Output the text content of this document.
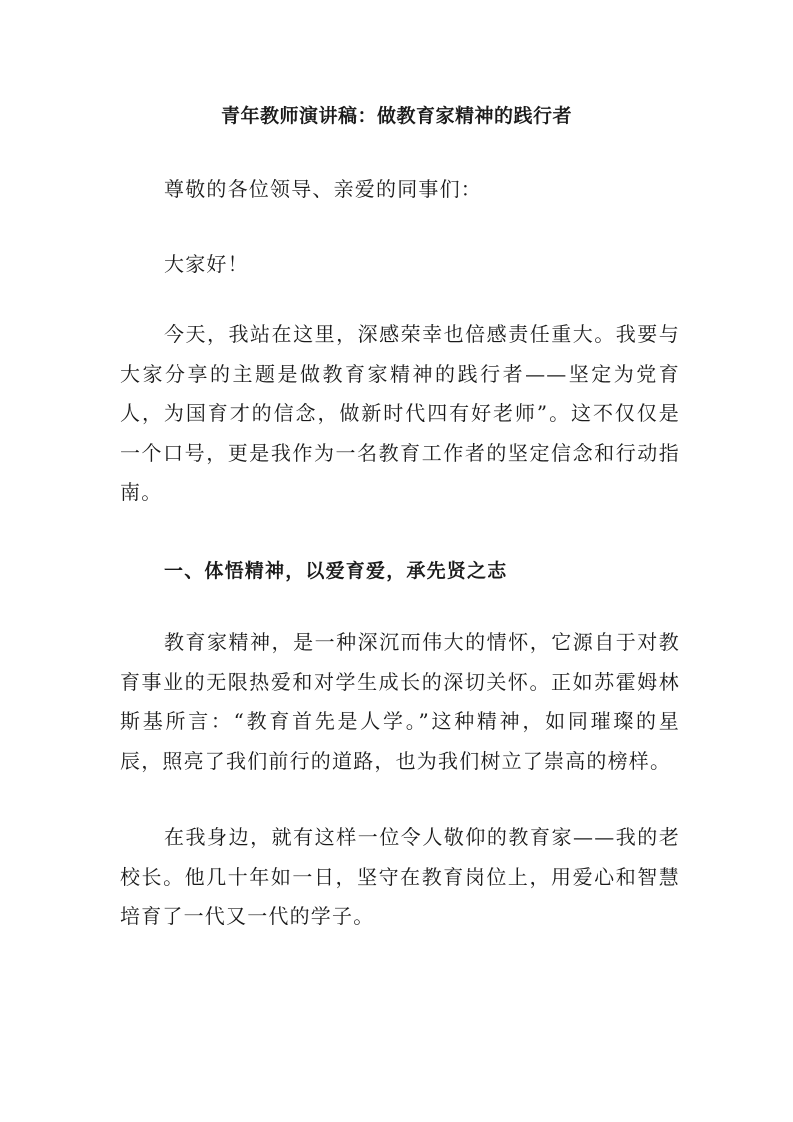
青年教师演讲稿：做教育家精神的践行者
尊敬的各位领导、亲爱的同事们：
大家好！
今天，我站在这里，深感荣幸也倍感责任重大。我要与大家分享的主题是做教育家精神的践行者——坚定为党育人，为国育才的信念，做新时代四有好老师”。这不仅仅是一个口号，更是我作为一名教育工作者的坚定信念和行动指南。
一、体悟精神，以爱育爱，承先贤之志
教育家精神，是一种深沉而伟大的情怀，它源自于对教育事业的无限热爱和对学生成长的深切关怀。正如苏霍姆林斯基所言：“教育首先是人学。”这种精神，如同璀璨的星辰，照亮了我们前行的道路，也为我们树立了崇高的榜样。
在我身边，就有这样一位令人敬仰的教育家——我的老校长。他几十年如一日，坚守在教育岗位上，用爱心和智慧培育了一代又一代的学子。
